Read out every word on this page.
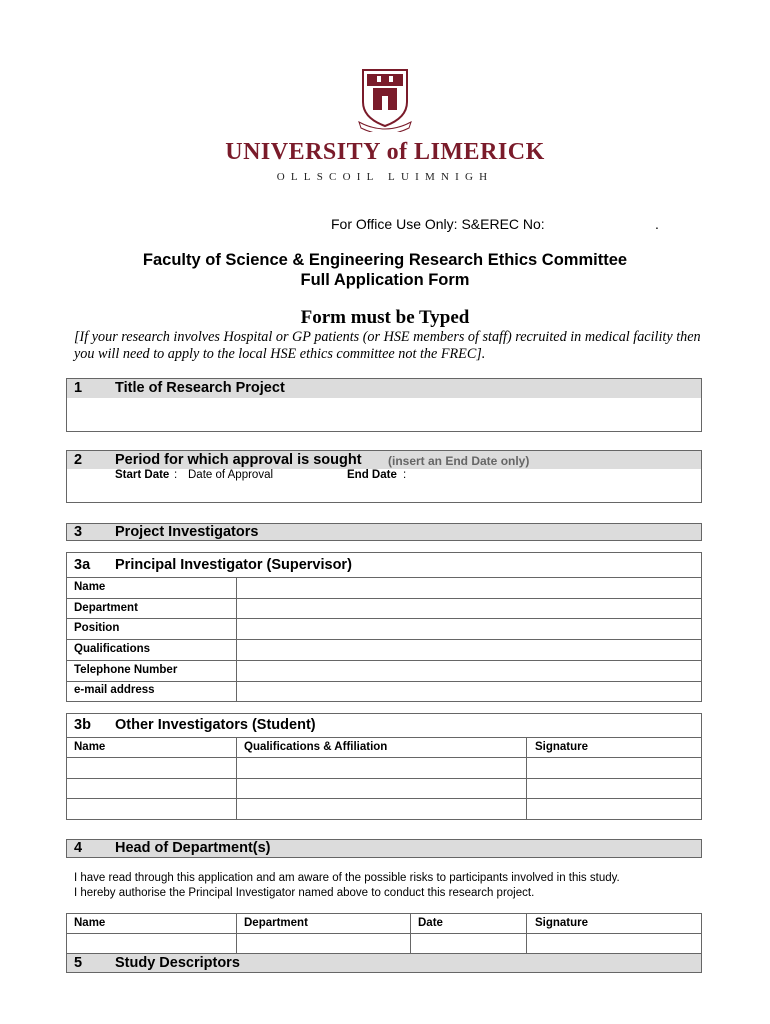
UNIVERSITY of LIMERICK
OLLSCOIL LUIMNIGH
For Office Use Only: S&EREC No:	.
Faculty of Science & Engineering Research Ethics Committee
Full Application Form
Form must be Typed
[If your research involves Hospital or GP patients (or HSE members of staff) recruited in medical facility then you will need to apply to the local HSE ethics committee not the FREC].
1 Title of Research Project
2 Period for which approval is sought (insert an End Date only)
Start Date : Date of Approval	End Date :
3 Project Investigators
3a Principal Investigator (Supervisor)
Name
Department
Position
Qualifications
Telephone Number
e-mail address
3b Other Investigators (Student)
Name	Qualifications & Affiliation	Signature
4 Head of Department(s)
I have read through this application and am aware of the possible risks to participants involved in this study.
I hereby authorise the Principal Investigator named above to conduct this research project.
Name	Department	Date	Signature
5 Study Descriptors
